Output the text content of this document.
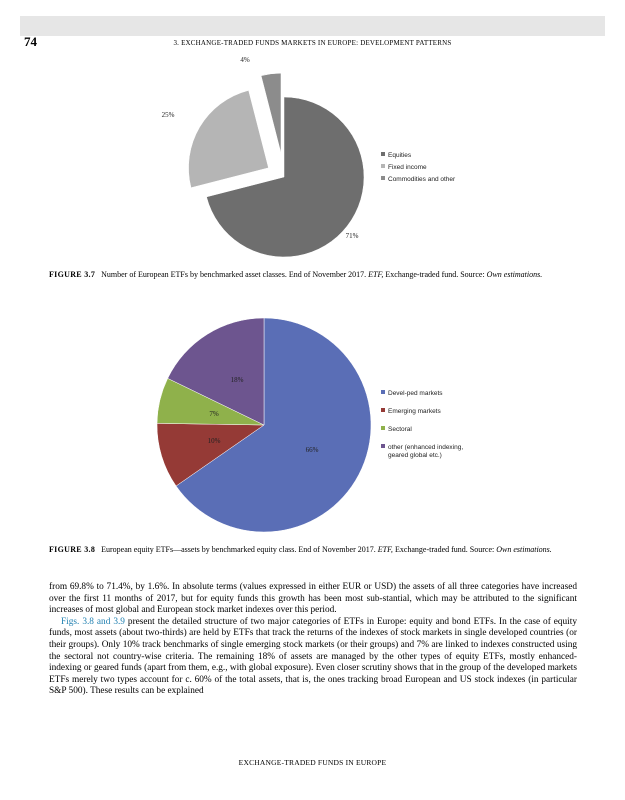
74	3. EXCHANGE-TRADED FUNDS MARKETS IN EUROPE: DEVELOPMENT PATTERNS
71%
25%
4%
Equities
Fixed income
Commodities and other
66%
10%
7%
18%
Devel-ped markets
Emerging markets
Sectoral
other (enhanced indexing, geared global etc.)
FIGURE 3.7 Number of European ETFs by benchmarked asset classes. End of November 2017. ETF, Exchange-traded fund. Source: Own estimations.
FIGURE 3.8 European equity ETFs—assets by benchmarked equity class. End of November 2017. ETF, Exchange-traded fund. Source: Own estimations.

from 69.8% to 71.4%, by 1.6%. In absolute terms (values expressed in either EUR or USD) the assets of all three categories have increased over the first 11 months of 2017, but for equity funds this growth has been most sub-stantial, which may be attributed to the significant increases of most global and European stock market indexes over this period.

Figs. 3.8 and 3.9 present the detailed structure of two major categories of ETFs in Europe: equity and bond ETFs. In the case of equity funds, most assets (about two-thirds) are held by ETFs that track the returns of the indexes of stock markets in single developed countries (or their groups). Only 10% track benchmarks of single emerging stock markets (or their groups) and 7% are linked to indexes constructed using the sectoral not country-wise criteria. The remaining 18% of assets are managed by the other types of equity ETFs, mostly enhanced-indexing or geared funds (apart from them, e.g., with global exposure). Even closer scrutiny shows that in the group of the developed markets ETFs merely two types account for c. 60% of the total assets, that is, the ones tracking broad European and US stock indexes (in particular S&P 500). These results can be explained

EXCHANGE-TRADED FUNDS IN EUROPE
